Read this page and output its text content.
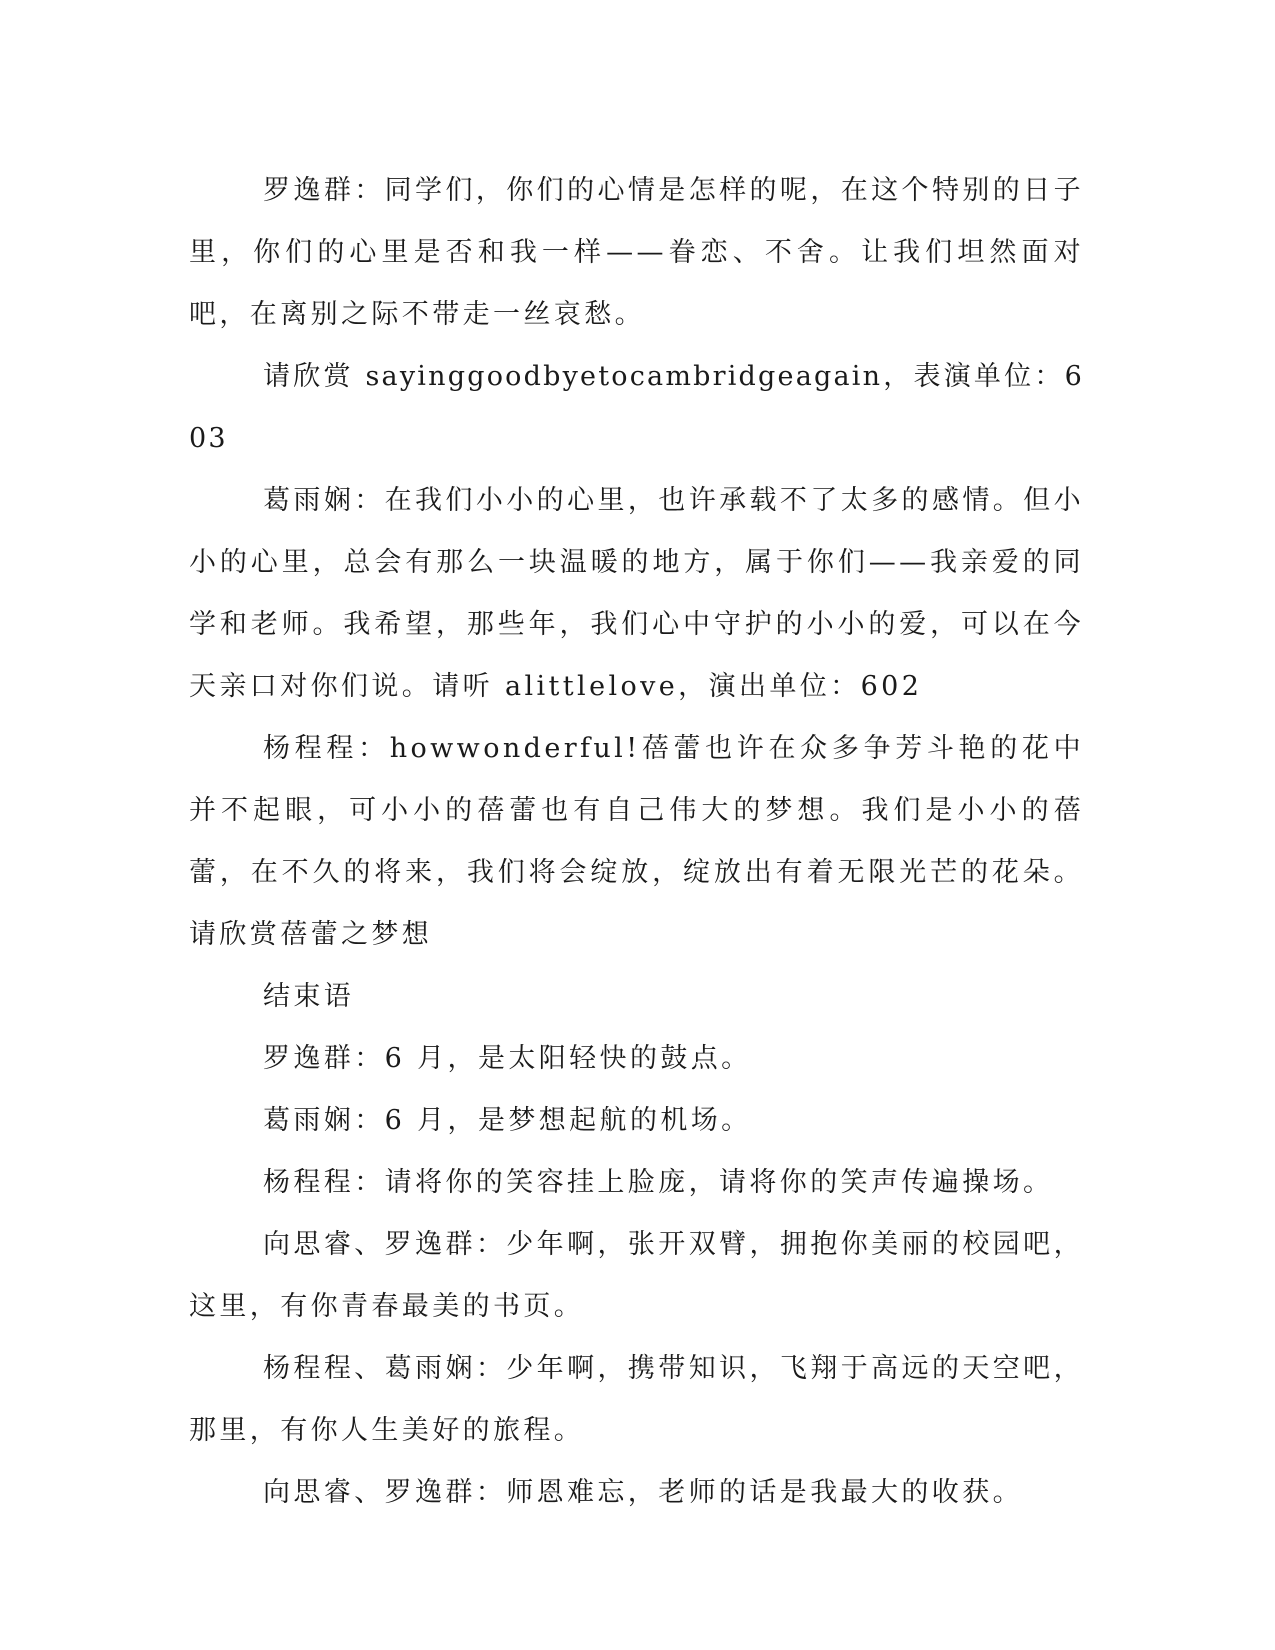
罗逸群：同学们，你们的心情是怎样的呢，在这个特别的日子里，你们的心里是否和我一样——眷恋、不舍。让我们坦然面对吧，在离别之际不带走一丝哀愁。

请欣赏 sayinggoodbyetocambridgeagain，表演单位：603

葛雨娴：在我们小小的心里，也许承载不了太多的感情。但小小的心里，总会有那么一块温暖的地方，属于你们——我亲爱的同学和老师。我希望，那些年，我们心中守护的小小的爱，可以在今天亲口对你们说。请听 alittlelove，演出单位：602

杨程程：howwonderful!蓓蕾也许在众多争芳斗艳的花中并不起眼，可小小的蓓蕾也有自己伟大的梦想。我们是小小的蓓蕾，在不久的将来，我们将会绽放，绽放出有着无限光芒的花朵。请欣赏蓓蕾之梦想

结束语

罗逸群：6 月，是太阳轻快的鼓点。

葛雨娴：6 月，是梦想起航的机场。

杨程程：请将你的笑容挂上脸庞，请将你的笑声传遍操场。

向思睿、罗逸群：少年啊，张开双臂，拥抱你美丽的校园吧，这里，有你青春最美的书页。

杨程程、葛雨娴：少年啊，携带知识，飞翔于高远的天空吧，那里，有你人生美好的旅程。

向思睿、罗逸群：师恩难忘，老师的话是我最大的收获。
